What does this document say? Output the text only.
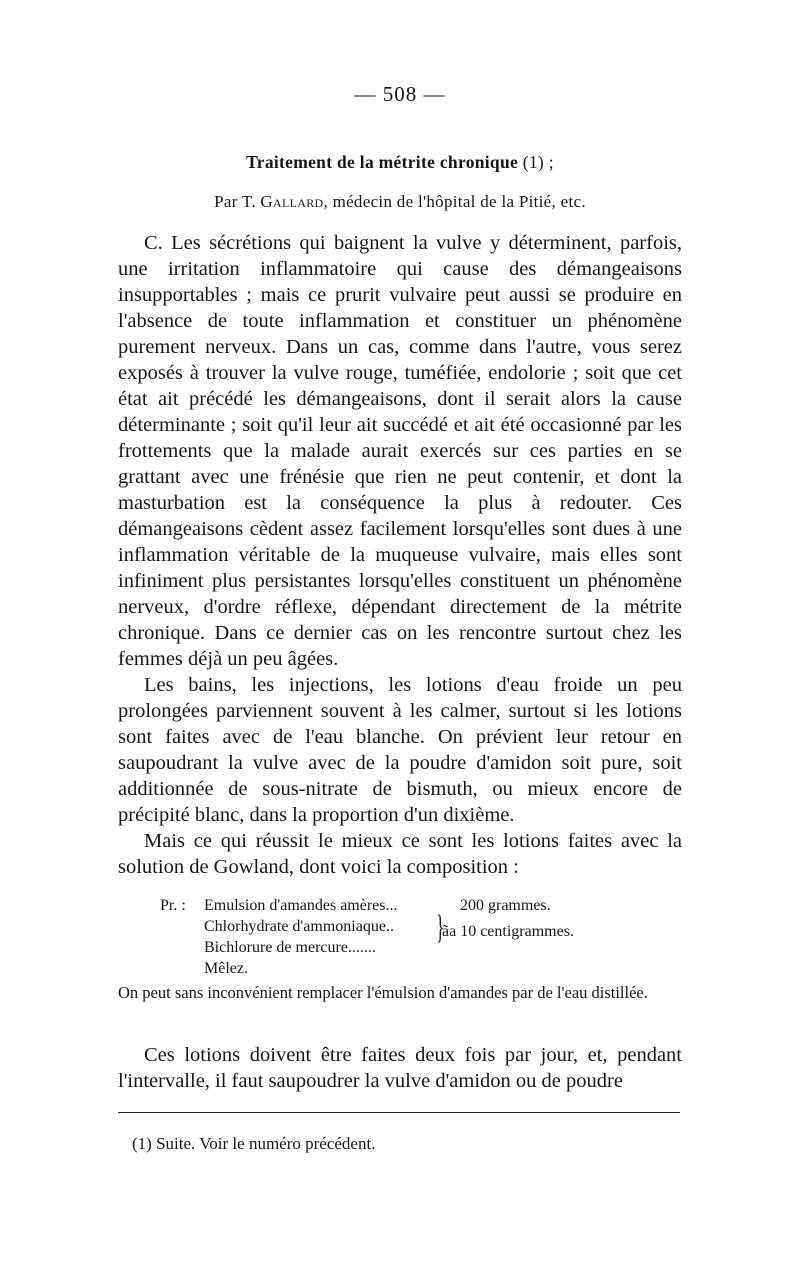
— 508 —
Traitement de la métrite chronique (1) ;
Par T. Gallard, médecin de l'hôpital de la Pitié, etc.

C. Les sécrétions qui baignent la vulve y déterminent, parfois, une irritation inflammatoire qui cause des démangeaisons insupportables ; mais ce prurit vulvaire peut aussi se produire en l'absence de toute inflammation et constituer un phénomène purement nerveux. Dans un cas, comme dans l'autre, vous serez exposés à trouver la vulve rouge, tuméfiée, endolorie ; soit que cet état ait précédé les démangeaisons, dont il serait alors la cause déterminante ; soit qu'il leur ait succédé et ait été occasionné par les frottements que la malade aurait exercés sur ces parties en se grattant avec une frénésie que rien ne peut contenir, et dont la masturbation est la conséquence la plus à redouter. Ces démangeaisons cèdent assez facilement lorsqu'elles sont dues à une inflammation véritable de la muqueuse vulvaire, mais elles sont infiniment plus persistantes lorsqu'elles constituent un phénomène nerveux, d'ordre réflexe, dépendant directement de la métrite chronique. Dans ce dernier cas on les rencontre surtout chez les femmes déjà un peu âgées.

Les bains, les injections, les lotions d'eau froide un peu prolongées parviennent souvent à les calmer, surtout si les lotions sont faites avec de l'eau blanche. On prévient leur retour en saupoudrant la vulve avec de la poudre d'amidon soit pure, soit additionnée de sous-nitrate de bismuth, ou mieux encore de précipité blanc, dans la proportion d'un dixième.

Mais ce qui réussit le mieux ce sont les lotions faites avec la solution de Gowland, dont voici la composition :

Pr. : Emulsion d'amandes amères...	200 grammes.
Chlorhydrate d'ammoniaque..
Bichlorure de mercure.......
}
ãa 10 centigrammes.
Mêlez.
On peut sans inconvénient remplacer l'émulsion d'amandes par de l'eau distillée.

Ces lotions doivent être faites deux fois par jour, et, pendant l'intervalle, il faut saupoudrer la vulve d'amidon ou de poudre

(1) Suite. Voir le numéro précédent.
